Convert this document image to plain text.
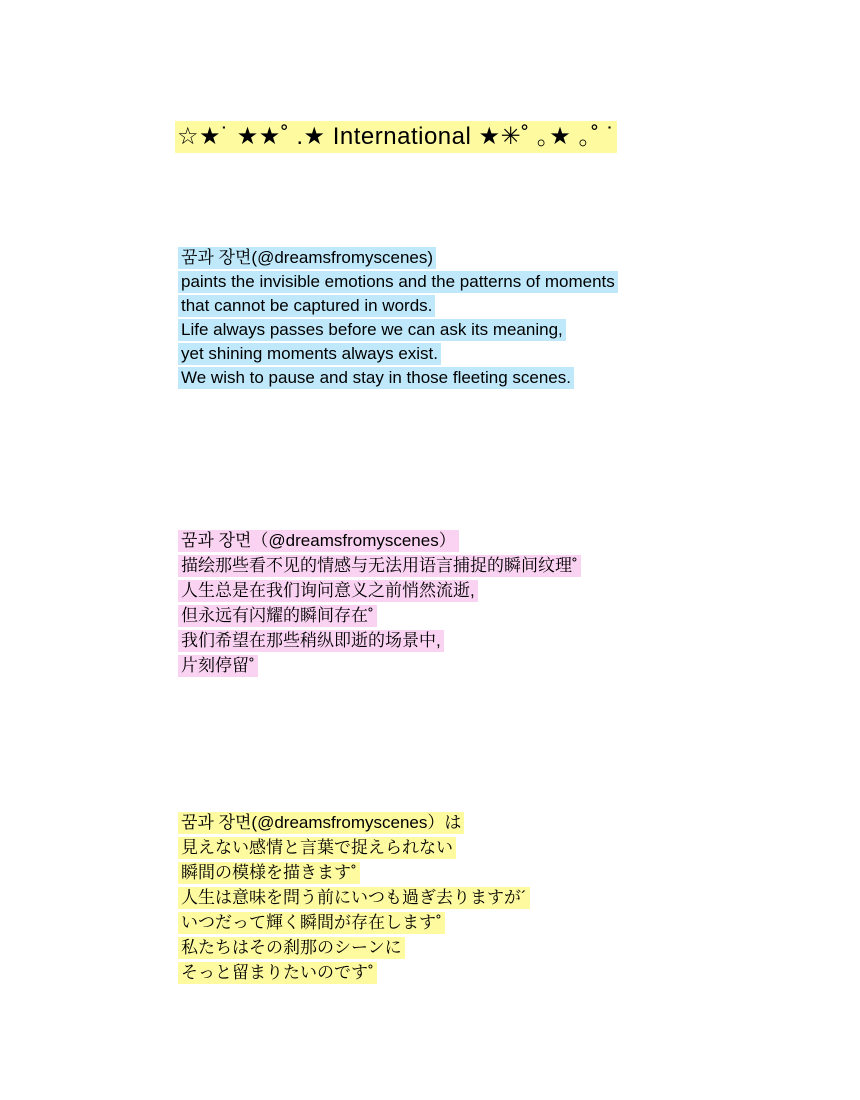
☆★˙ ★★˚ .★ International ★✳˚ ｡★ ｡˚ ˙
꿈과 장면(@dreamsfromyscenes)
paints the invisible emotions and the patterns of moments
that cannot be captured in words.
Life always passes before we can ask its meaning,
yet shining moments always exist.
We wish to pause and stay in those fleeting scenes.
꿈과 장면（@dreamsfromyscenes）
描绘那些看不见的情感与无法用语言捕捉的瞬间纹理˚
人生总是在我们询问意义之前悄然流逝,
但永远有闪耀的瞬间存在˚
我们希望在那些稍纵即逝的场景中,
片刻停留˚
꿈과 장면(@dreamsfromyscenes）は
見えない感情と言葉で捉えられない
瞬間の模様を描きます˚
人生は意味を問う前にいつも過ぎ去りますが´
いつだって輝く瞬間が存在します˚
私たちはその刹那のシーンに
そっと留まりたいのです˚
